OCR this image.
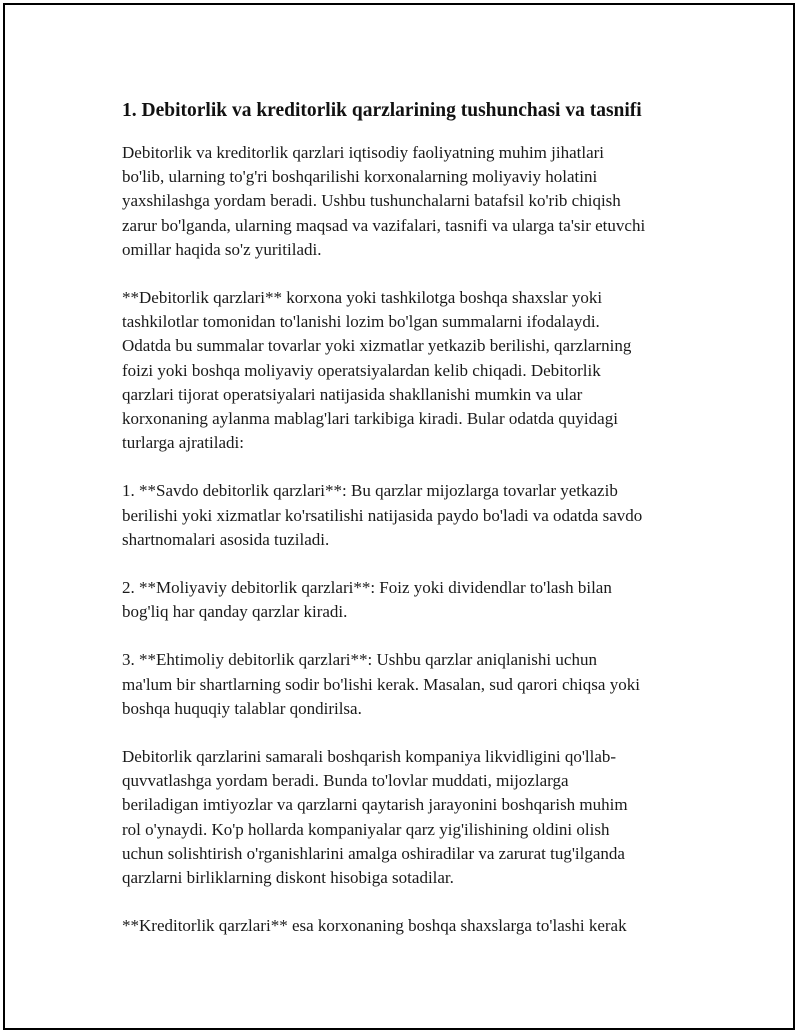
1. Debitorlik va kreditorlik qarzlarining tushunchasi va tasnifi

Debitorlik va kreditorlik qarzlari iqtisodiy faoliyatning muhim jihatlari
bo'lib, ularning to'g'ri boshqarilishi korxonalarning moliyaviy holatini
yaxshilashga yordam beradi. Ushbu tushunchalarni batafsil ko'rib chiqish
zarur bo'lganda, ularning maqsad va vazifalari, tasnifi va ularga ta'sir etuvchi
omillar haqida so'z yuritiladi.

**Debitorlik qarzlari** korxona yoki tashkilotga boshqa shaxslar yoki
tashkilotlar tomonidan to'lanishi lozim bo'lgan summalarni ifodalaydi.
Odatda bu summalar tovarlar yoki xizmatlar yetkazib berilishi, qarzlarning
foizi yoki boshqa moliyaviy operatsiyalardan kelib chiqadi. Debitorlik
qarzlari tijorat operatsiyalari natijasida shakllanishi mumkin va ular
korxonaning aylanma mablag'lari tarkibiga kiradi. Bular odatda quyidagi
turlarga ajratiladi:

1. **Savdo debitorlik qarzlari**: Bu qarzlar mijozlarga tovarlar yetkazib
berilishi yoki xizmatlar ko'rsatilishi natijasida paydo bo'ladi va odatda savdo
shartnomalari asosida tuziladi.

2. **Moliyaviy debitorlik qarzlari**: Foiz yoki dividendlar to'lash bilan
bog'liq har qanday qarzlar kiradi.

3. **Ehtimoliy debitorlik qarzlari**: Ushbu qarzlar aniqlanishi uchun
ma'lum bir shartlarning sodir bo'lishi kerak. Masalan, sud qarori chiqsa yoki
boshqa huquqiy talablar qondirilsa.

Debitorlik qarzlarini samarali boshqarish kompaniya likvidligini qo'llab-
quvvatlashga yordam beradi. Bunda to'lovlar muddati, mijozlarga
beriladigan imtiyozlar va qarzlarni qaytarish jarayonini boshqarish muhim
rol o'ynaydi. Ko'p hollarda kompaniyalar qarz yig'ilishining oldini olish
uchun solishtirish o'rganishlarini amalga oshiradilar va zarurat tug'ilganda
qarzlarni birliklarning diskont hisobiga sotadilar.

**Kreditorlik qarzlari** esa korxonaning boshqa shaxslarga to'lashi kerak
